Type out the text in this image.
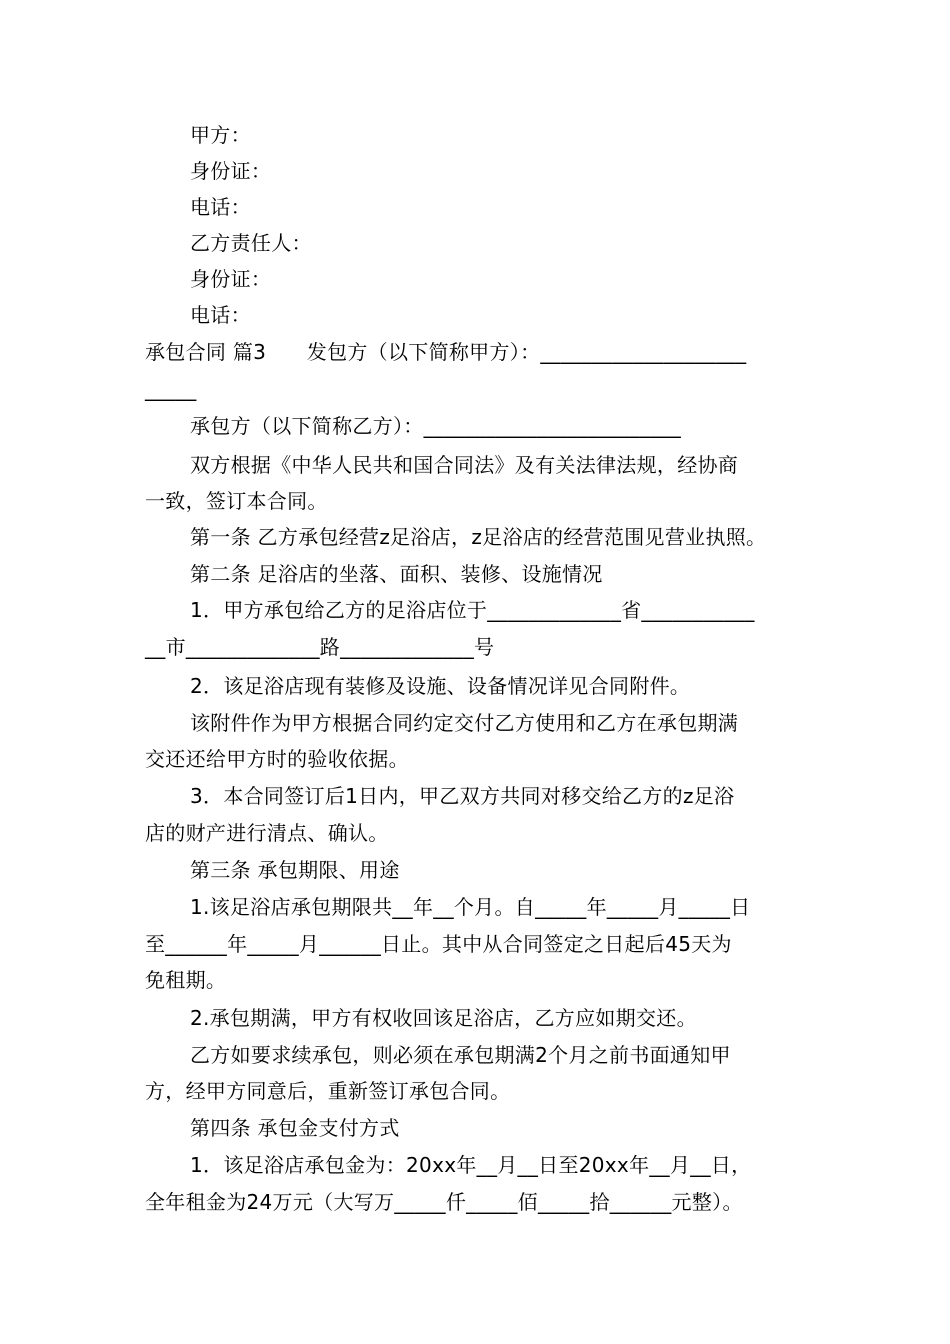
甲方：
身份证：
电话：
乙方责任人：
身份证：
电话：
承包合同 篇3　　发包方（以下简称甲方）：____________________
_____
承包方（以下简称乙方）：_________________________
双方根据《中华人民共和国合同法》及有关法律法规，经协商
一致，签订本合同。
第一条 乙方承包经营z足浴店，z足浴店的经营范围见营业执照。
第二条 足浴店的坐落、面积、装修、设施情况
1．甲方承包给乙方的足浴店位于_____________省___________
__市_____________路_____________号
2．该足浴店现有装修及设施、设备情况详见合同附件。
该附件作为甲方根据合同约定交付乙方使用和乙方在承包期满
交还还给甲方时的验收依据。
3．本合同签订后1日内，甲乙双方共同对移交给乙方的z足浴
店的财产进行清点、确认。
第三条 承包期限、用途
1.该足浴店承包期限共__年__个月。自_____年_____月_____日
至______年_____月______日止。其中从合同签定之日起后45天为
免租期。
2.承包期满，甲方有权收回该足浴店，乙方应如期交还。
乙方如要求续承包，则必须在承包期满2个月之前书面通知甲
方，经甲方同意后，重新签订承包合同。
第四条 承包金支付方式
1．该足浴店承包金为：20xx年__月__日至20xx年__月__日，
全年租金为24万元（大写万_____仟_____佰_____拾______元整）。
